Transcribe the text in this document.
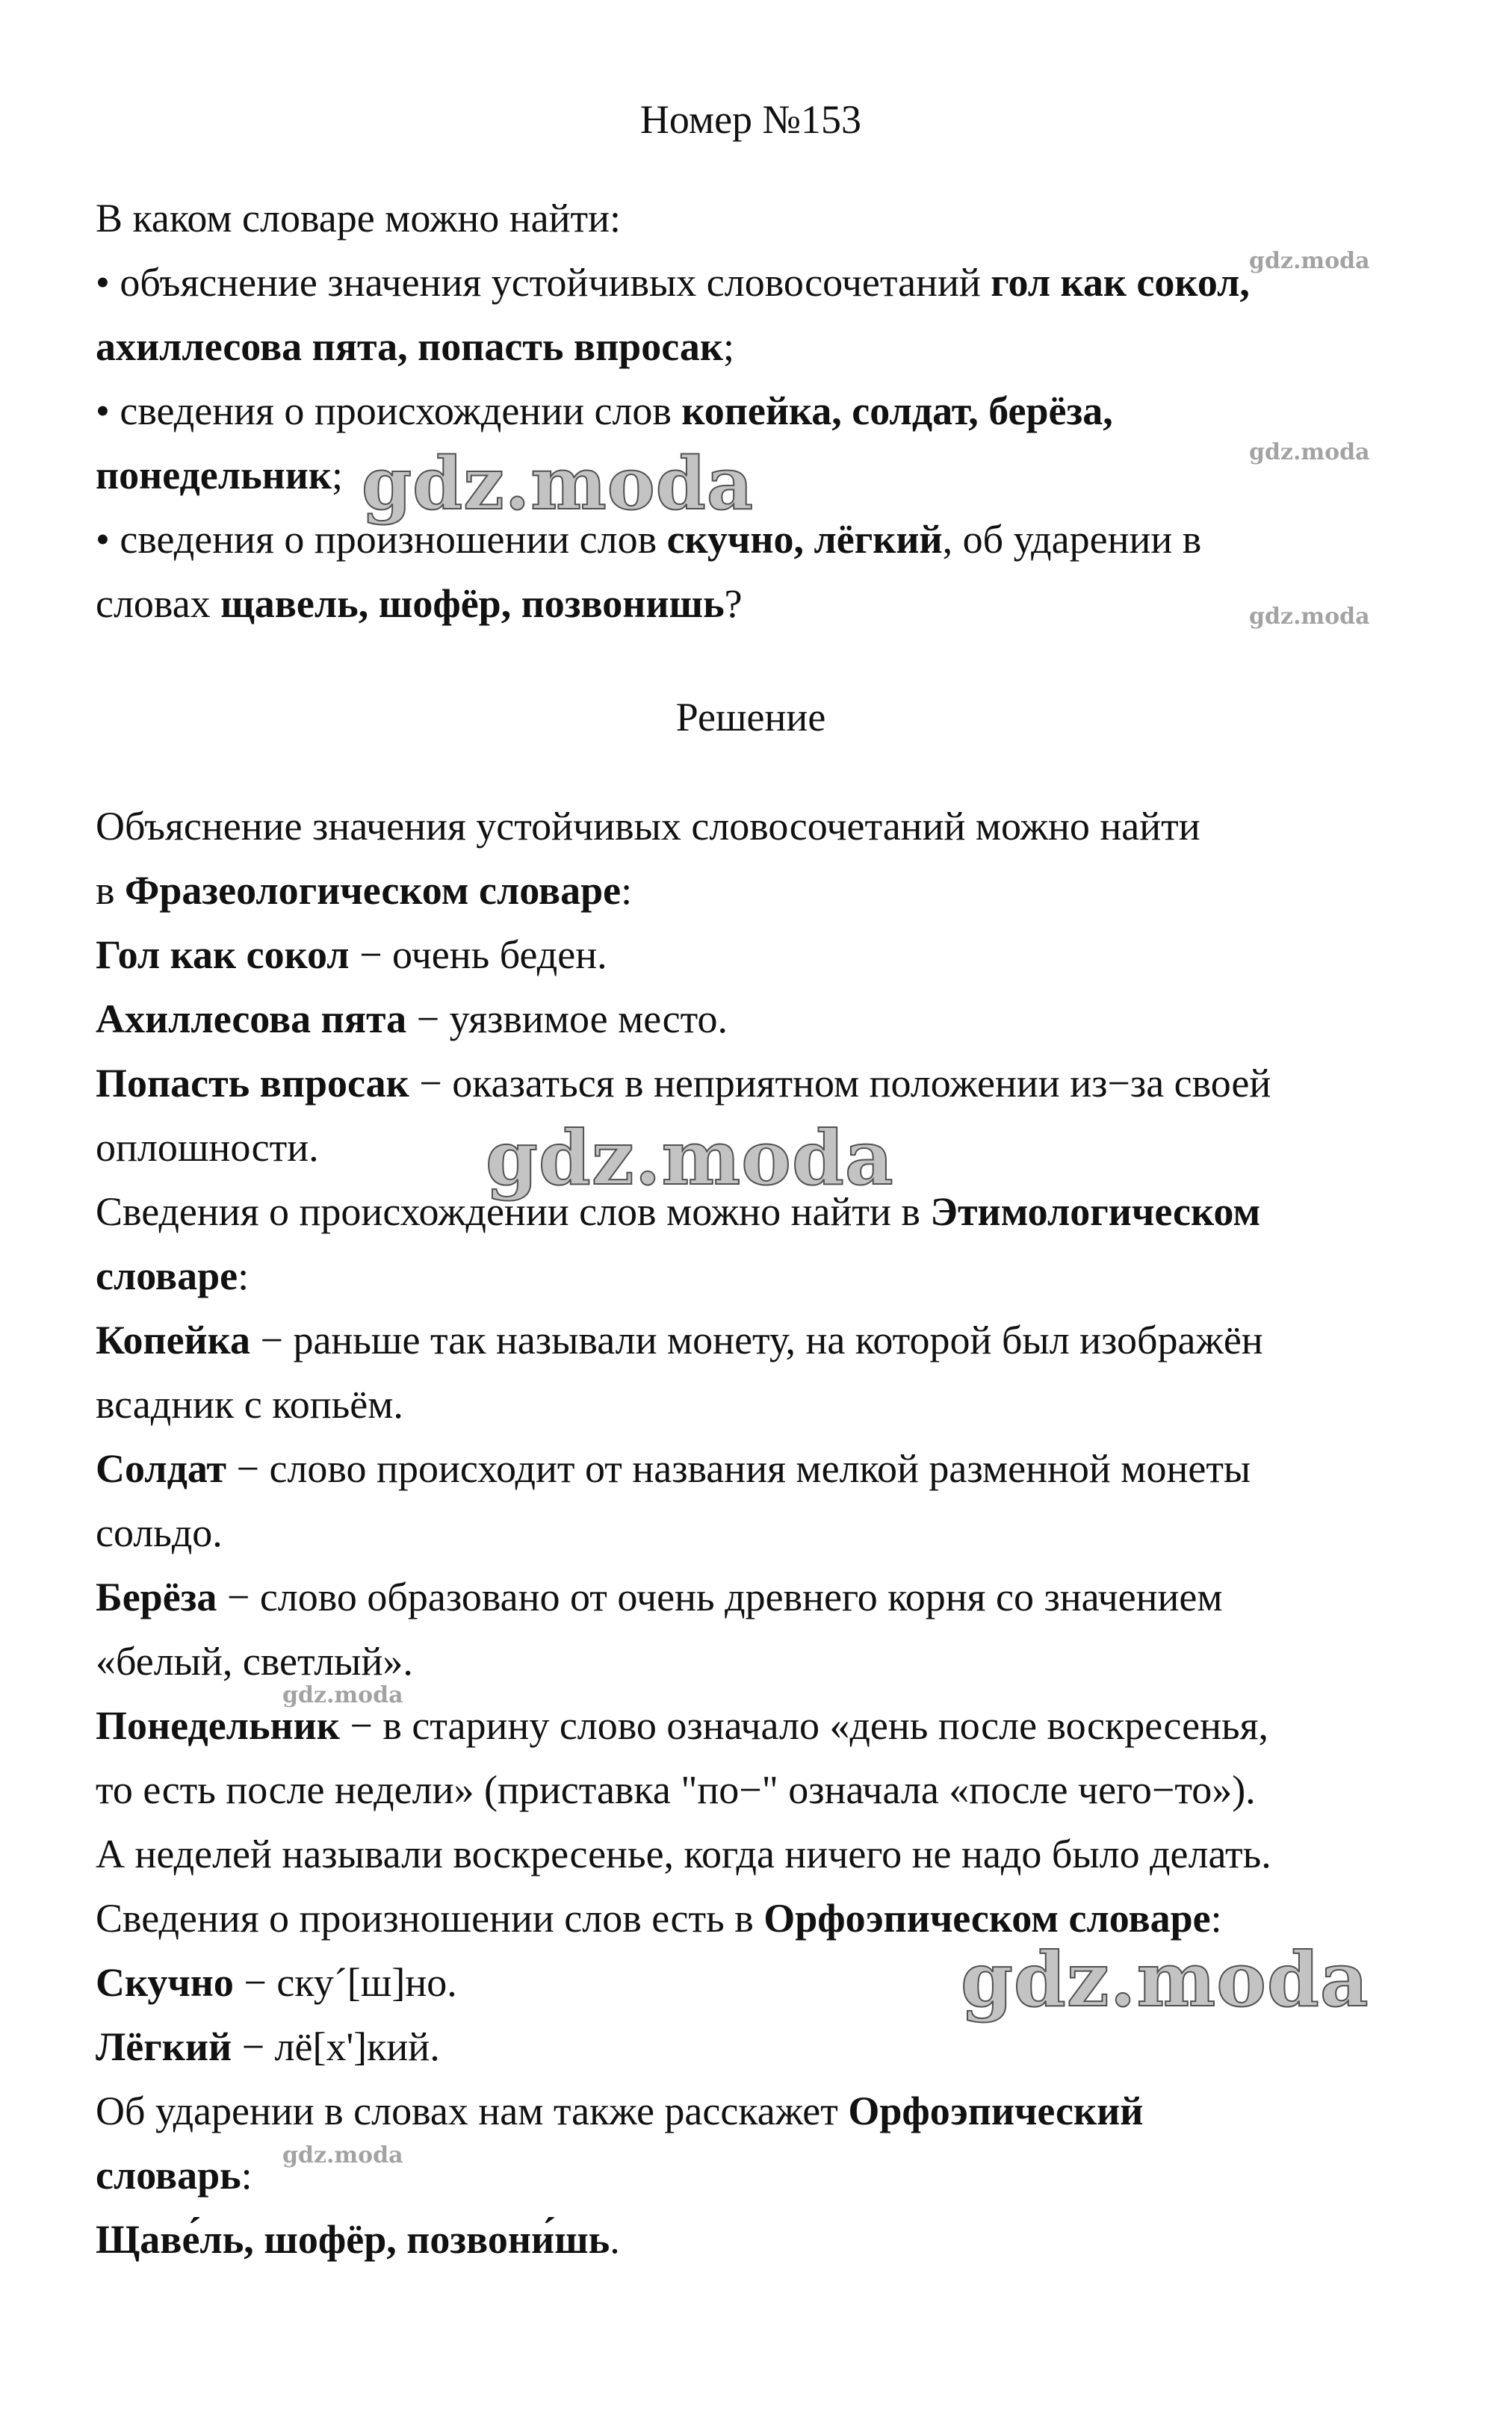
Номер №153
В каком словаре можно найти:
• объяснение значения устойчивых словосочетаний гол как сокол,
ахиллесова пята, попасть впросак;
• сведения о происхождении слов копейка, солдат, берёза,
понедельник;
• сведения о произношении слов скучно, лёгкий, об ударении в
словах щавель, шофёр, позвонишь?
Решение
Объяснение значения устойчивых словосочетаний можно найти
в Фразеологическом словаре:
Гол как сокол − очень беден.
Ахиллесова пята − уязвимое место.
Попаcть впросак − оказаться в неприятном положении из−за своей
оплошности.
Сведения о происхождении слов можно найти в Этимологическом
словаре:
Копейка − раньше так называли монету, на которой был изображён
всадник с копьём.
Солдат − слово происходит от названия мелкой разменной монеты
сольдо.
Берёза − слово образовано от очень древнего корня со значением
«белый, светлый».
Понедельник − в старину слово означало «день после воскресенья,
то есть после недели» (приставка "по−" означала «после чего−то»).
А неделей называли воскресенье, когда ничего не надо было делать.
Сведения о произношении слов есть в Орфоэпическом словаре:
Скучно − ску´[ш]но.
Лёгкий − лё[х']кий.
Об ударении в словах нам также расскажет Орфоэпический
словарь:
Щаве́ль, шофёр, позвони́шь.
gdz.moda
gdz.moda
gdz.moda
gdz.moda
gdz.moda
gdz.moda
gdz.moda
gdz.moda
